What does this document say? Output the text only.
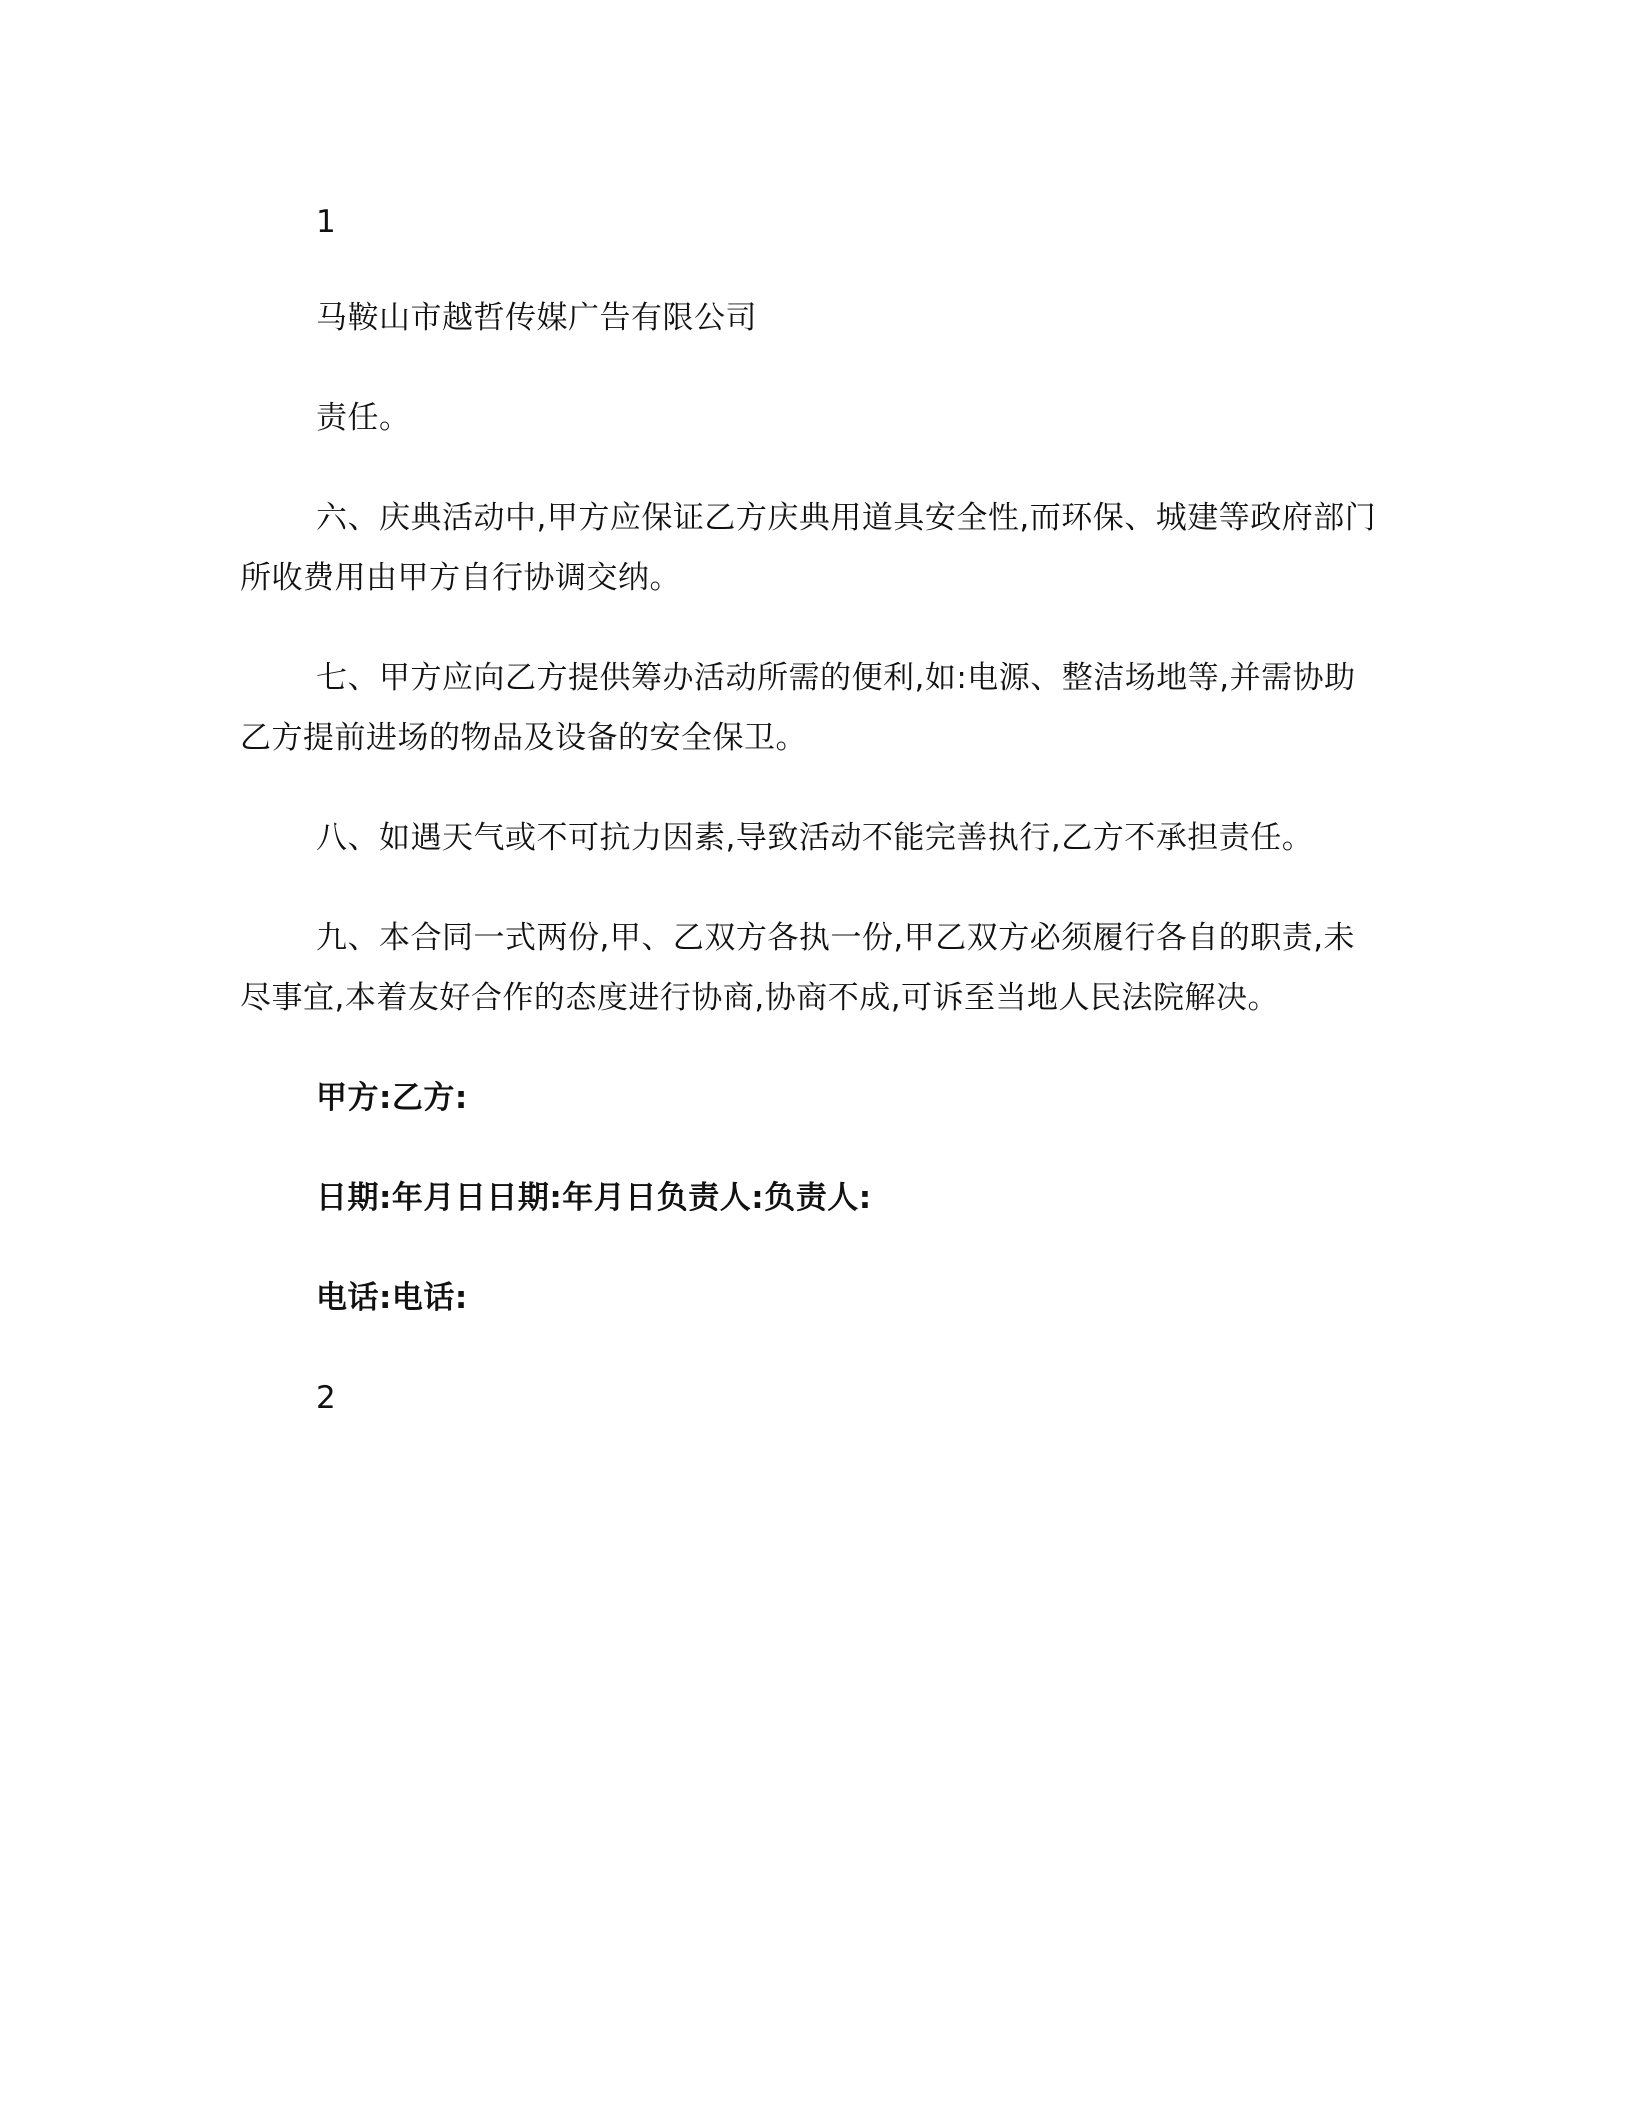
1
马鞍山市越哲传媒广告有限公司
责任。
六、庆典活动中,甲方应保证乙方庆典用道具安全性,而环保、城建等政府部门
所收费用由甲方自行协调交纳。
七、甲方应向乙方提供筹办活动所需的便利,如:电源、整洁场地等,并需协助
乙方提前进场的物品及设备的安全保卫。
八、如遇天气或不可抗力因素,导致活动不能完善执行,乙方不承担责任。
九、本合同一式两份,甲、乙双方各执一份,甲乙双方必须履行各自的职责,未
尽事宜,本着友好合作的态度进行协商,协商不成,可诉至当地人民法院解决。
甲方:乙方:
日期:年月日日期:年月日负责人:负责人:
电话:电话:
2
